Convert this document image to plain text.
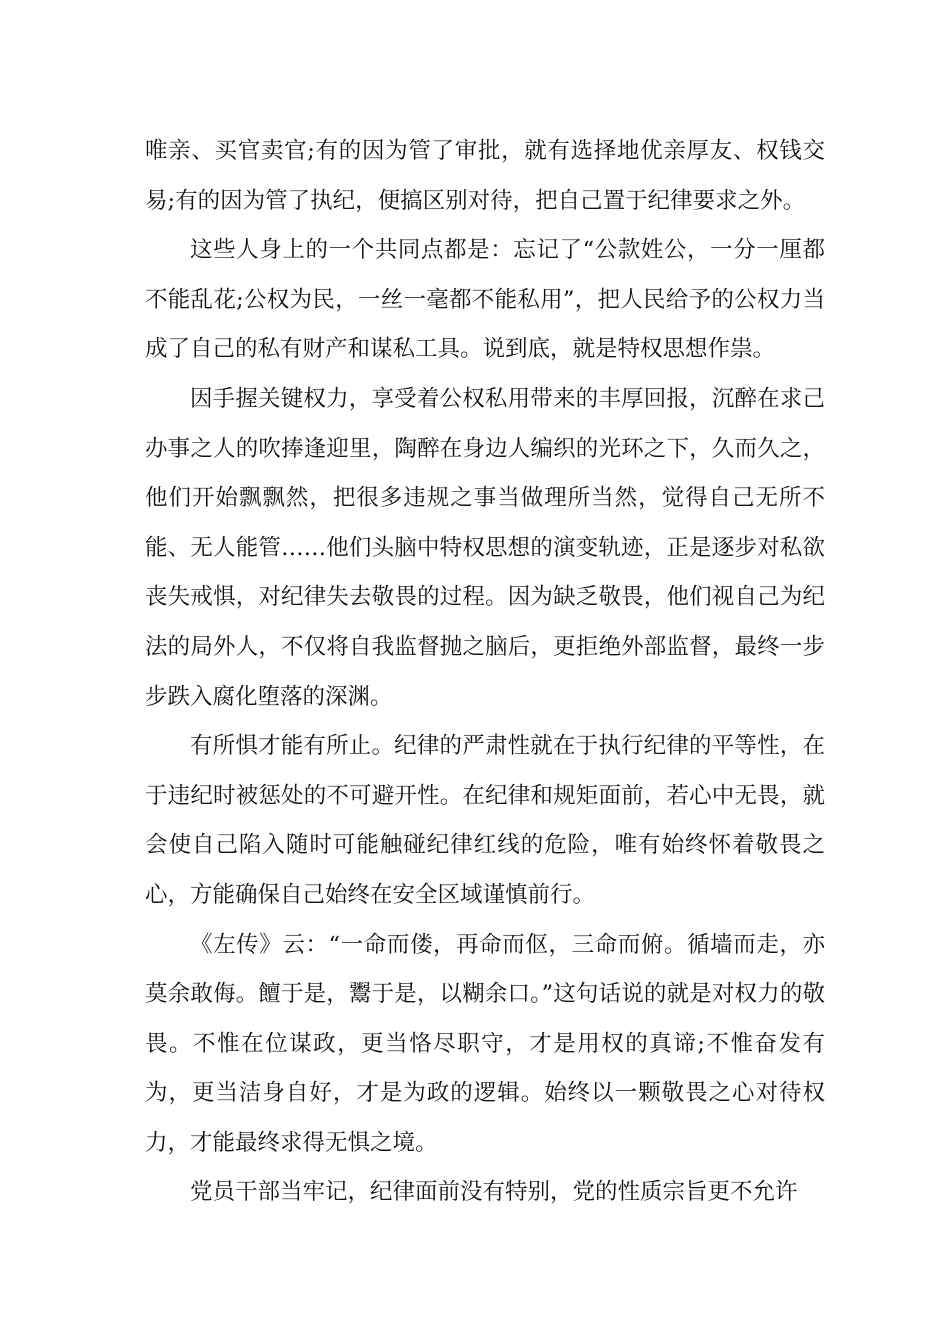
唯亲、买官卖官;有的因为管了审批，就有选择地优亲厚友、权钱交易;有的因为管了执纪，便搞区别对待，把自己置于纪律要求之外。

这些人身上的一个共同点都是：忘记了“公款姓公，一分一厘都不能乱花;公权为民，一丝一毫都不能私用”，把人民给予的公权力当成了自己的私有财产和谋私工具。说到底，就是特权思想作祟。

因手握关键权力，享受着公权私用带来的丰厚回报，沉醉在求己办事之人的吹捧逢迎里，陶醉在身边人编织的光环之下，久而久之，他们开始飘飘然，把很多违规之事当做理所当然，觉得自己无所不能、无人能管……他们头脑中特权思想的演变轨迹，正是逐步对私欲丧失戒惧，对纪律失去敬畏的过程。因为缺乏敬畏，他们视自己为纪法的局外人，不仅将自我监督抛之脑后，更拒绝外部监督，最终一步步跌入腐化堕落的深渊。

有所惧才能有所止。纪律的严肃性就在于执行纪律的平等性，在于违纪时被惩处的不可避开性。在纪律和规矩面前，若心中无畏，就会使自己陷入随时可能触碰纪律红线的危险，唯有始终怀着敬畏之心，方能确保自己始终在安全区域谨慎前行。

《左传》云：“一命而偻，再命而伛，三命而俯。循墙而走，亦莫余敢侮。饘于是，鬻于是，以糊余口。”这句话说的就是对权力的敬畏。不惟在位谋政，更当恪尽职守，才是用权的真谛;不惟奋发有为，更当洁身自好，才是为政的逻辑。始终以一颗敬畏之心对待权力，才能最终求得无惧之境。

党员干部当牢记，纪律面前没有特别，党的性质宗旨更不允许
